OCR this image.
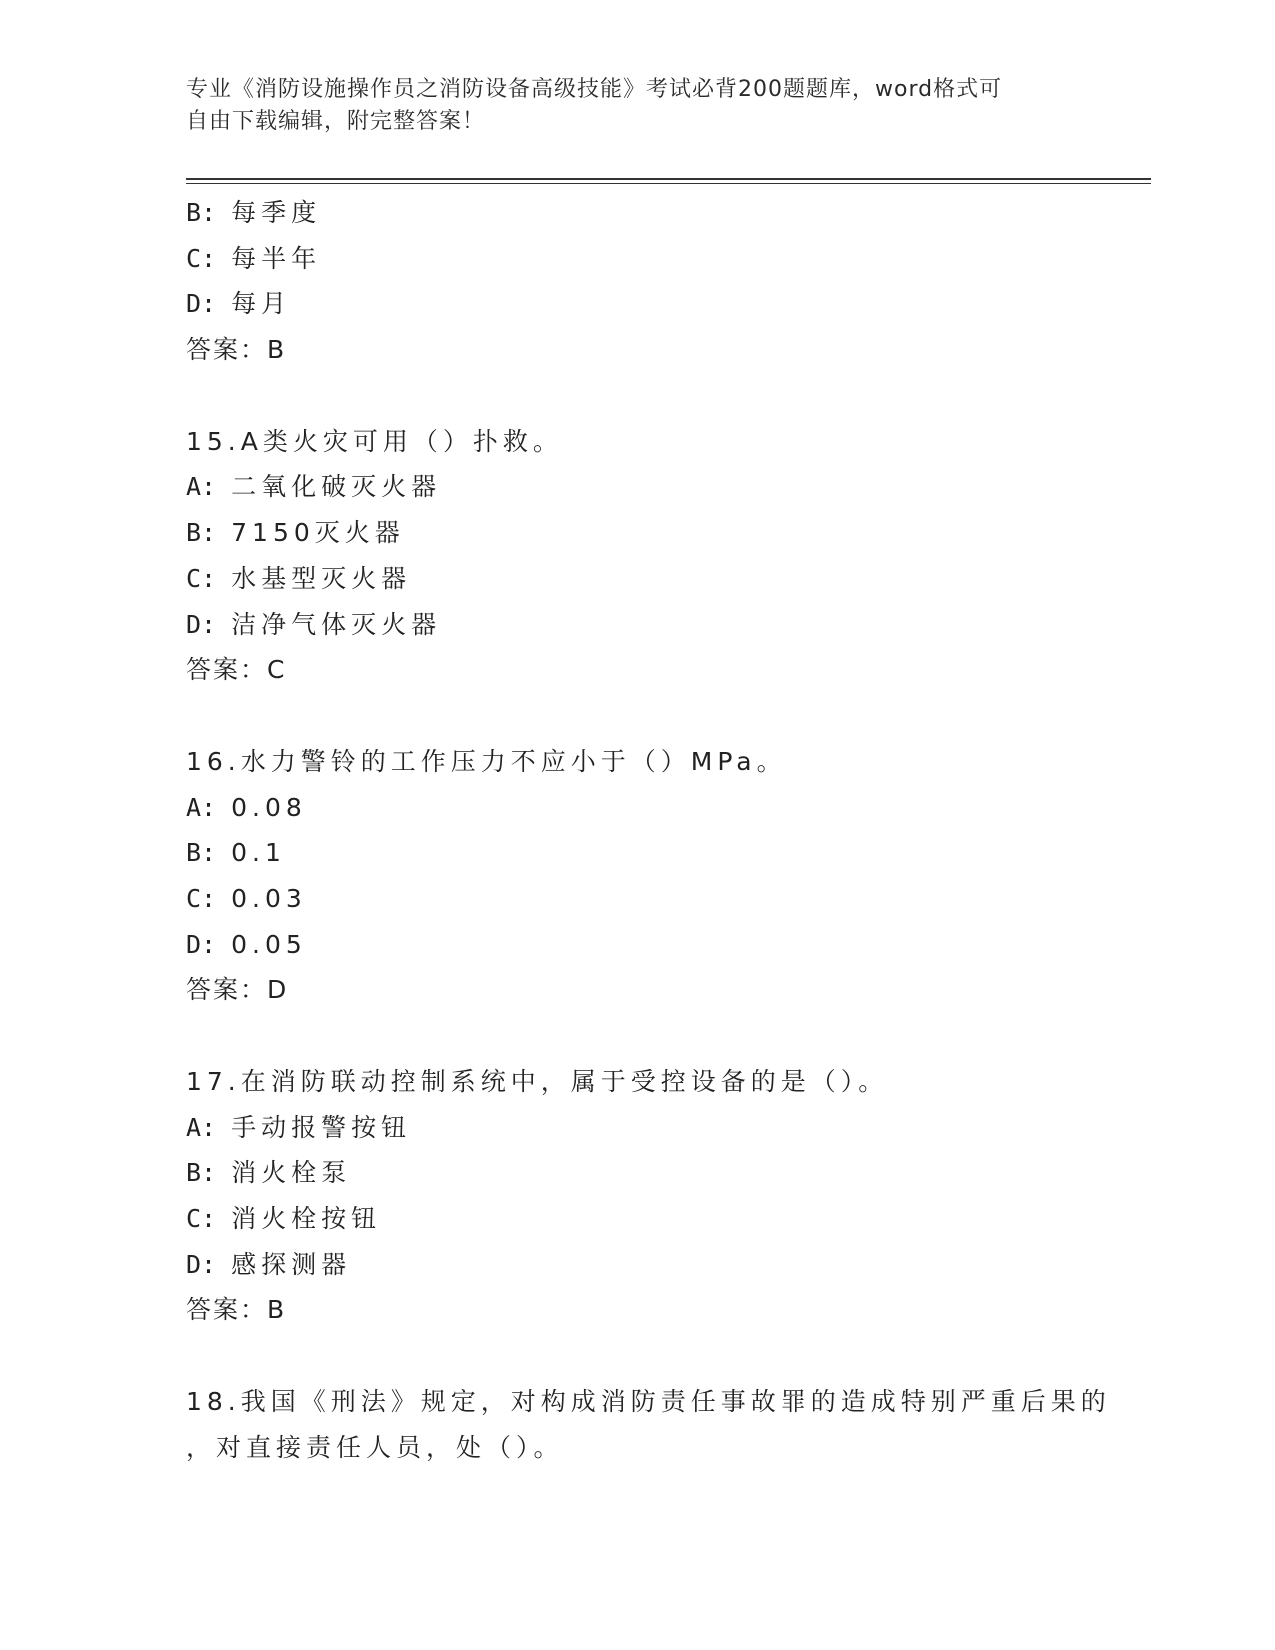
专业《消防设施操作员之消防设备高级技能》考试必背200题题库，word格式可
自由下载编辑，附完整答案！
B: 每季度
C: 每半年
D: 每月
答案：B
15.A类火灾可用（）扑救。
A: 二氧化破灭火器
B: 7150灭火器
C: 水基型灭火器
D: 洁净气体灭火器
答案：C
16.水力警铃的工作压力不应小于（）MPa。
A: 0.08
B: 0.1
C: 0.03
D: 0.05
答案：D
17.在消防联动控制系统中，属于受控设备的是（）。
A: 手动报警按钮
B: 消火栓泵
C: 消火栓按钮
D: 感探测器
答案：B
18.我国《刑法》规定，对构成消防责任事故罪的造成特别严重后果的
，对直接责任人员，处（）。
